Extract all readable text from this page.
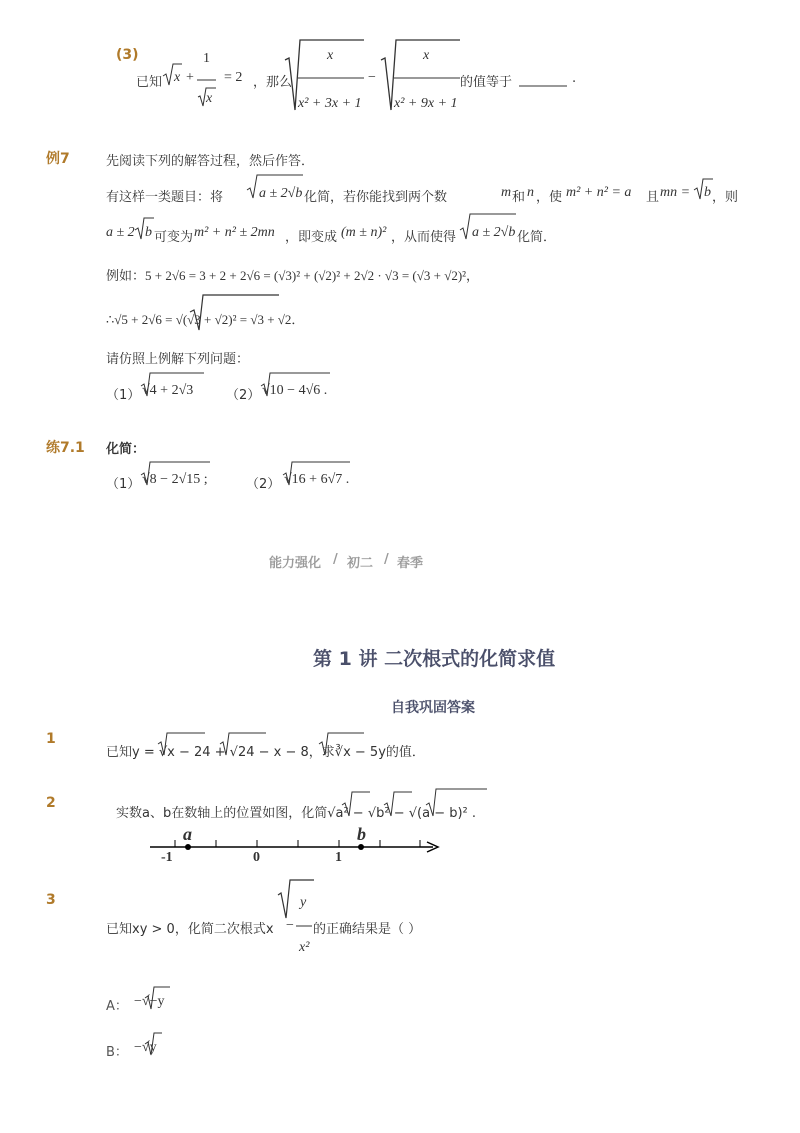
(3)
已知 x +
1
x
= 2 ，那么
x
x² + 3x + 1
−
x
x² + 9x + 1
的值等于	.
例7	先阅读下列的解答过程，然后作答．
有这样一类题目：将	a ± 2√b 化简，若你能找到两个数	m 和 n ，使 m² + n² = a 且 mn = b ，则
a ± 2 b 可变为 m² + n² ± 2mn ，即变成 (m ± n)² ，从而使得 a ± 2√b 化简．
例如：5 + 2√6 = 3 + 2 + 2√6 = (√3)² + (√2)² + 2√2 · √3 = (√3 + √2)²，
∴√5 + 2√6 = √(√3 + √2)² = √3 + √2．
请仿照上例解下列问题：
（1） √4 + 2√3	（2） √10 − 4√6 .
练7.1 化简：
（1） √8 − 2√15 ;	（2） √16 + 6√7 .
能力强化 / 初二 / 春季
第 1 讲 二次根式的化简求值
自我巩固答案
1
已知y = √x − 24 + √24 − x − 8，求∛x − 5y的值．
2
实数a、b在数轴上的位置如图，化简√a² − √b² − √(a − b)² .
a	b
-1	0	1
3
已知xy > 0，化简二次根式x
y
−
x²
的正确结果是（ ）
A： −√−y
B： −√y
